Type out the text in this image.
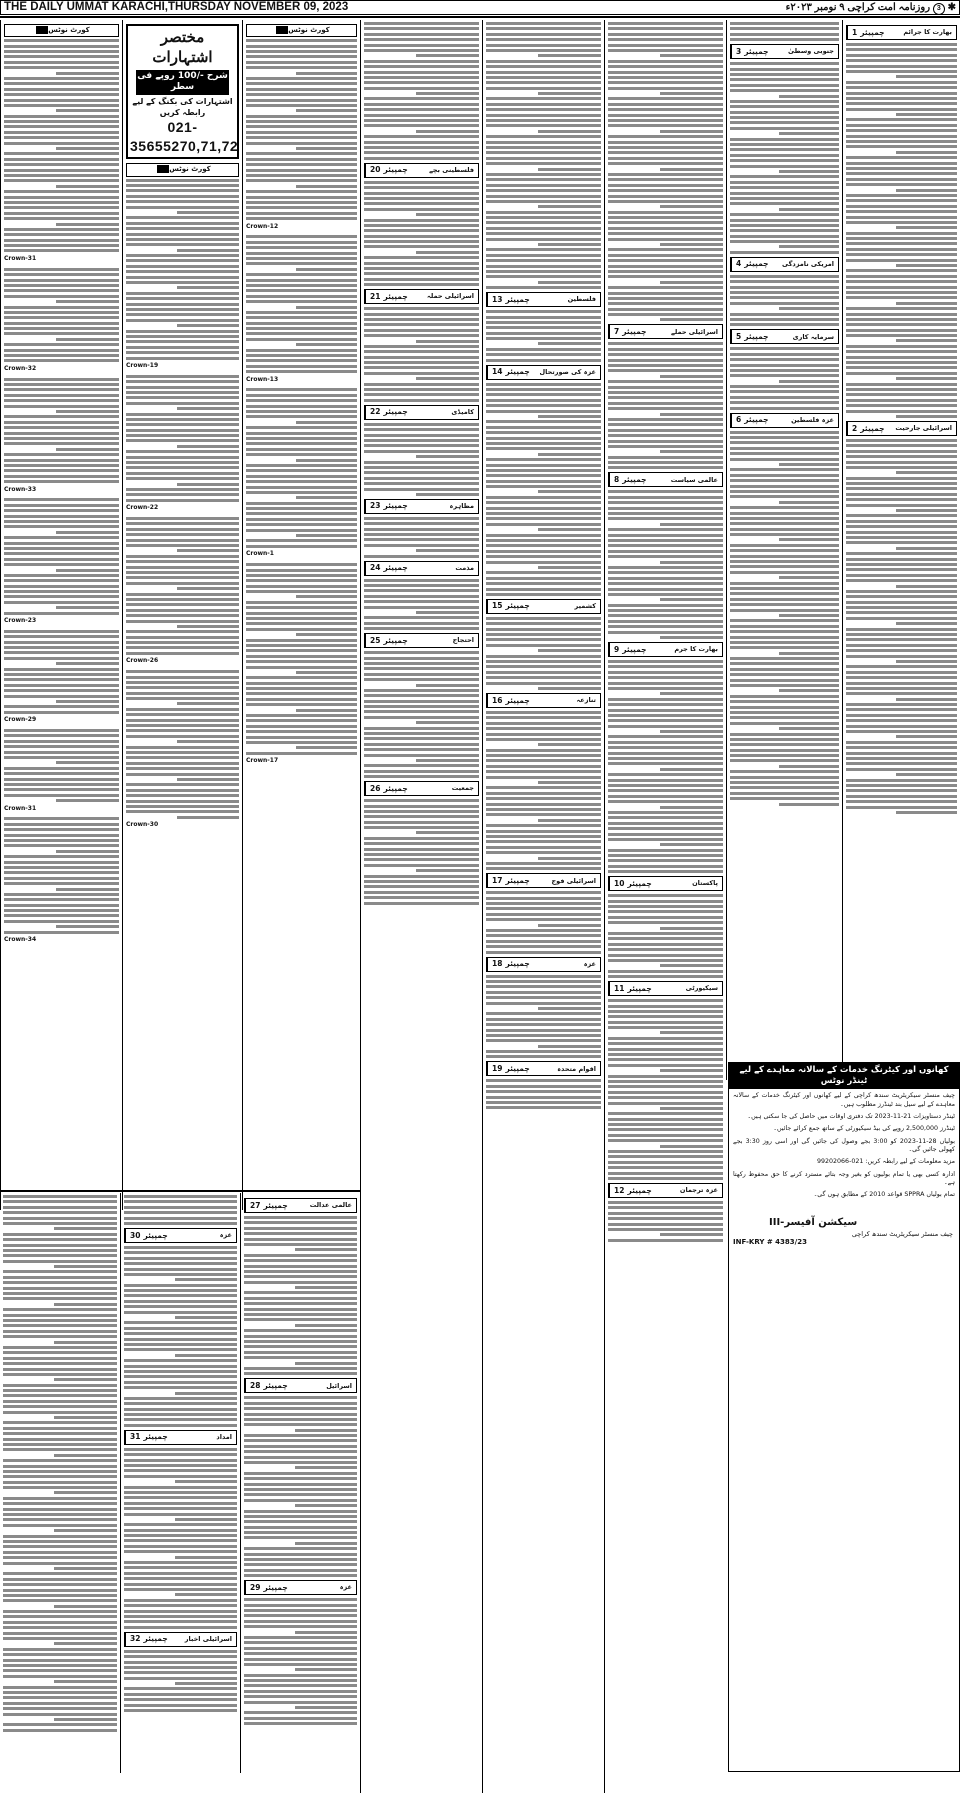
THE DAILY UMMAT KARACHI,THURSDAY NOVEMBER 09, 2023	✱ 3 روزنامہ امت کراچی ۹ نومبر ۲۰۲۳ء
کورٹ نوٹس
Crown-31
Crown-32
Crown-33
Crown-23
Crown-29
Crown-31
Crown-34
مختصر اشتہارات
شرح -/100 روپے فی سطر
اشتہارات کی بکنگ کے لیے رابطہ کریں
021-35655270,71,72
کورٹ نوٹس
Crown-19
Crown-22
Crown-26
Crown-30
کورٹ نوٹس
Crown-12
Crown-13
Crown-1
Crown-17
چمپیئر
20	فلسطینی بچے
چمپیئر
21	اسرائیلی حملہ
چمپیئر
22	کامیڈی
چمپیئر
23	مظاہرہ
چمپیئر
24	مذمت
چمپیئر
25	احتجاج
چمپیئر
26	جمعیت
چمپیئر
13	فلسطین
چمپیئر
14	غزہ کی صورتحال
چمپیئر
15	کشمیر
چمپیئر
16	تنازعہ
چمپیئر
17	اسرائیلی فوج
چمپیئر
18	غزہ
چمپیئر
19	اقوام متحدہ
چمپیئر
7	اسرائیلی حملے
چمپیئر
8	عالمی سیاست
چمپیئر
9	بھارت کا جرم
چمپیئر
10	پاکستان
چمپیئر
11	سیکیورٹی
چمپیئر
12	غزہ ترجمان
چمپیئر
3	جنوبی وسطیٰ
چمپیئر
4	امریکی نامزدگی
چمپیئر
5	سرمایہ کاری
چمپیئر
6	غزہ فلسطین
چمپیئر
1	بھارت کا جرائم
چمپیئر
2	اسرائیلی جارحیت
چمپیئر
30	غزہ
چمپیئر
31	امداد
چمپیئر
32	اسرائیلی اخبار
چمپیئر
27	عالمی عدالت
چمپیئر
28	اسرائیل
چمپیئر
29	غزہ
کھانوں اور کیٹرنگ خدمات کے سالانہ معاہدے کے لیے ٹینڈر نوٹس

چیف منسٹر سیکریٹریٹ سندھ کراچی کے لیے کھانوں اور کیٹرنگ خدمات کے سالانہ معاہدے کے لیے سیل بند ٹینڈرز مطلوب ہیں۔

ٹینڈر دستاویزات 21-11-2023 تک دفتری اوقات میں حاصل کی جا سکتی ہیں۔

ٹینڈرز 2,500,000 روپے کی بیڈ سیکیورٹی کے ساتھ جمع کرائے جائیں۔

بولیاں 28-11-2023 کو 3:00 بجے وصول کی جائیں گی اور اسی روز 3:30 بجے کھولی جائیں گی۔

مزید معلومات کے لیے رابطہ کریں: 021-99202066

ادارہ کسی بھی یا تمام بولیوں کو بغیر وجہ بتائے مسترد کرنے کا حق محفوظ رکھتا ہے۔

تمام بولیاں SPPRA قواعد 2010 کے مطابق ہوں گی۔

سیکشن آفیسر-III
چیف منسٹر سیکریٹریٹ سندھ کراچی
INF-KRY # 4383/23
